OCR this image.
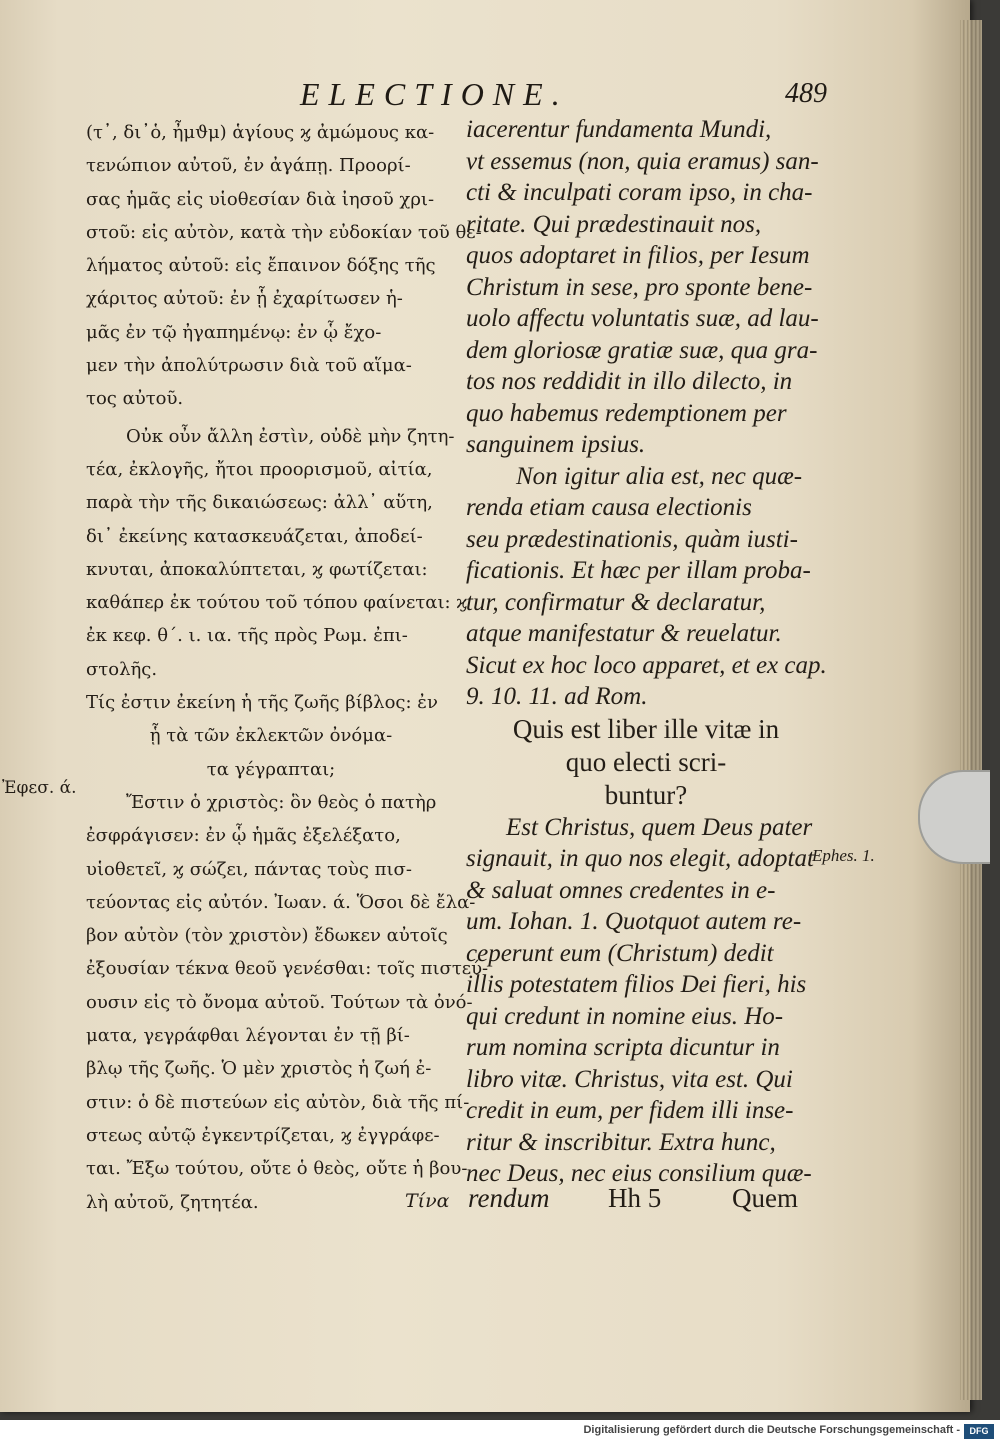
ELECTIONE.	489
(τ᾽, δι᾽ὁ, ἦμϑμ) ἁγίους ϗ ἀμώμους κα-
τενώπιον αὐτοῦ, ἐν ἀγάπῃ. Προορί-
σας ἡμᾶς εἰς υἱοθεσίαν διὰ ἰησοῦ χρι-
στοῦ: εἰς αὐτὸν, κατὰ τὴν εὐδοκίαν τοῦ θε-
λήματος αὐτοῦ: εἰς ἔπαινον δόξης τῆς
χάριτος αὐτοῦ: ἐν ᾗ ἐχαρίτωσεν ἡ-
μᾶς ἐν τῷ ἠγαπημένῳ: ἐν ᾧ ἔχο-
μεν τὴν ἀπολύτρωσιν διὰ τοῦ αἵμα-
τος αὐτοῦ.
Οὐκ οὖν ἄλλη ἐστὶν, οὐδὲ μὴν ζητη-
τέα, ἐκλογῆς, ἤτοι προορισμοῦ, αἰτία,
παρὰ τὴν τῆς δικαιώσεως: ἀλλ᾽ αὕτη,
δι᾽ ἐκείνης κατασκευάζεται, ἀποδεί-
κνυται, ἀποκαλύπτεται, ϗ φωτίζεται:
καθάπερ ἐκ τούτου τοῦ τόπου φαίνεται: ϗ
ἐκ κεφ. θ΄. ι. ια. τῆς πρὸς Ρωμ. ἐπι-
στολῆς.
Τίς ἐστιν ἐκείνη ἡ τῆς ζωῆς βίβλος: ἐν
ᾗ τὰ τῶν ἐκλεκτῶν ὀνόμα-
τα γέγραπται;
Ἔστιν ὁ χριστὸς: ὃν θεὸς ὁ πατὴρ
ἐσφράγισεν: ἐν ᾧ ἡμᾶς ἐξελέξατο,
υἱοθετεῖ, ϗ σώζει, πάντας τοὺς πισ-
τεύοντας εἰς αὐτόν. Ἰωαν. ά. Ὅσοι δὲ ἔλα-
βον αὐτὸν (τὸν χριστὸν) ἔδωκεν αὐτοῖς
ἐξουσίαν τέκνα θεοῦ γενέσθαι: τοῖς πιστεύ-
ουσιν εἰς τὸ ὄνομα αὐτοῦ. Τούτων τὰ ὀνό-
ματα, γεγράφθαι λέγονται ἐν τῇ βί-
βλῳ τῆς ζωῆς. Ὁ μὲν χριστὸς ἡ ζωή ἐ-
στιν: ὁ δὲ πιστεύων εἰς αὐτὸν, διὰ τῆς πί-
στεως αὐτῷ ἐγκεντρίζεται, ϗ ἐγγράφε-
ται. Ἔξω τούτου, οὔτε ὁ θεὸς, οὔτε ἡ βου-
λὴ αὐτοῦ, ζητητέα.
iacerentur fundamenta Mundi,
vt essemus (non, quia eramus) san-
cti & inculpati coram ipso, in cha-
ritate. Qui prædestinauit nos,
quos adoptaret in filios, per Iesum
Christum in sese, pro sponte bene-
uolo affectu voluntatis suæ, ad lau-
dem gloriosæ gratiæ suæ, qua gra-
tos nos reddidit in illo dilecto, in
quo habemus redemptionem per
sanguinem ipsius.
Non igitur alia est, nec quæ-
renda etiam causa electionis
seu prædestinationis, quàm iusti-
ficationis. Et hæc per illam proba-
tur, confirmatur & declaratur,
atque manifestatur & reuelatur.
Sicut ex hoc loco apparet, et ex cap.
9. 10. 11. ad Rom.
Quis est liber ille vitæ in
quo electi scri-
buntur?
Est Christus, quem Deus pater
signauit, in quo nos elegit, adoptat
& saluat omnes credentes in e-
um. Iohan. 1. Quotquot autem re-
ceperunt eum (Christum) dedit
illis potestatem filios Dei fieri, his
qui credunt in nomine eius. Ho-
rum nomina scripta dicuntur in
libro vitæ. Christus, vita est. Qui
credit in eum, per fidem illi inse-
ritur & inscribitur. Extra hunc,
nec Deus, nec eius consilium quæ-
Τίνα rendum Hh 5	Quem
Ἐφεσ. ά.
Ephes. 1.
Digitalisierung gefördert durch die Deutsche Forschungsgemeinschaft -	DFG
